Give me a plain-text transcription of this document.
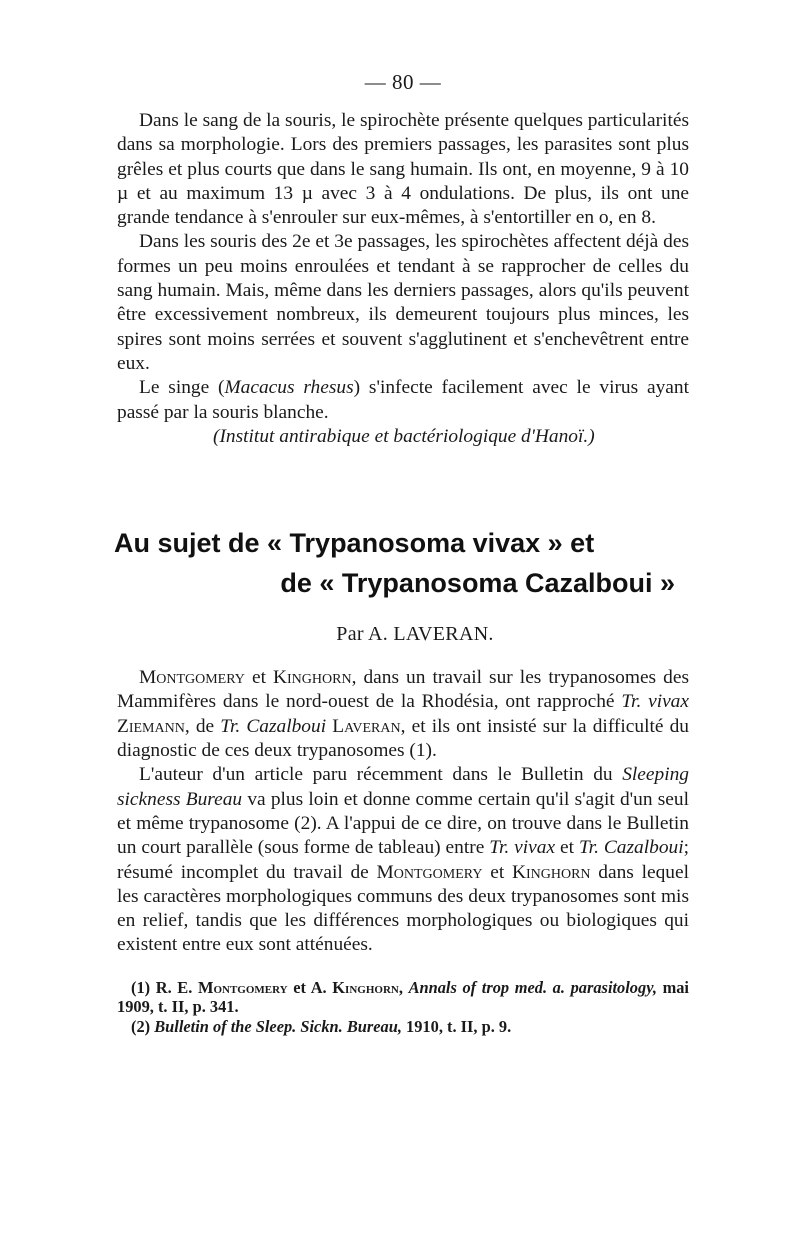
— 80 —

Dans le sang de la souris, le spirochète présente quelques particularités dans sa morphologie. Lors des premiers passages, les parasites sont plus grêles et plus courts que dans le sang humain. Ils ont, en moyenne, 9 à 10 µ et au maximum 13 µ avec 3 à 4 ondulations. De plus, ils ont une grande tendance à s'enrouler sur eux-mêmes, à s'entortiller en o, en 8.

Dans les souris des 2e et 3e passages, les spirochètes affectent déjà des formes un peu moins enroulées et tendant à se rapprocher de celles du sang humain. Mais, même dans les derniers passages, alors qu'ils peuvent être excessivement nombreux, ils demeurent toujours plus minces, les spires sont moins serrées et souvent s'agglutinent et s'enchevêtrent entre eux.

Le singe (Macacus rhesus) s'infecte facilement avec le virus ayant passé par la souris blanche.

(Institut antirabique et bactériologique d'Hanoï.)

Au sujet de « Trypanosoma vivax » et
de « Trypanosoma Cazalboui »
Par A. LAVERAN.

Montgomery et Kinghorn, dans un travail sur les trypanosomes des Mammifères dans le nord-ouest de la Rhodésia, ont rapproché Tr. vivax Ziemann, de Tr. Cazalboui Laveran, et ils ont insisté sur la difficulté du diagnostic de ces deux trypanosomes (1).

L'auteur d'un article paru récemment dans le Bulletin du Sleeping sickness Bureau va plus loin et donne comme certain qu'il s'agit d'un seul et même trypanosome (2). A l'appui de ce dire, on trouve dans le Bulletin un court parallèle (sous forme de tableau) entre Tr. vivax et Tr. Cazalboui; résumé incomplet du travail de Montgomery et Kinghorn dans lequel les caractères morphologiques communs des deux trypanosomes sont mis en relief, tandis que les différences morphologiques ou biologiques qui existent entre eux sont atténuées.

(1) R. E. Montgomery et A. Kinghorn, Annals of trop med. a. parasitology, mai 1909, t. II, p. 341.

(2) Bulletin of the Sleep. Sickn. Bureau, 1910, t. II, p. 9.
